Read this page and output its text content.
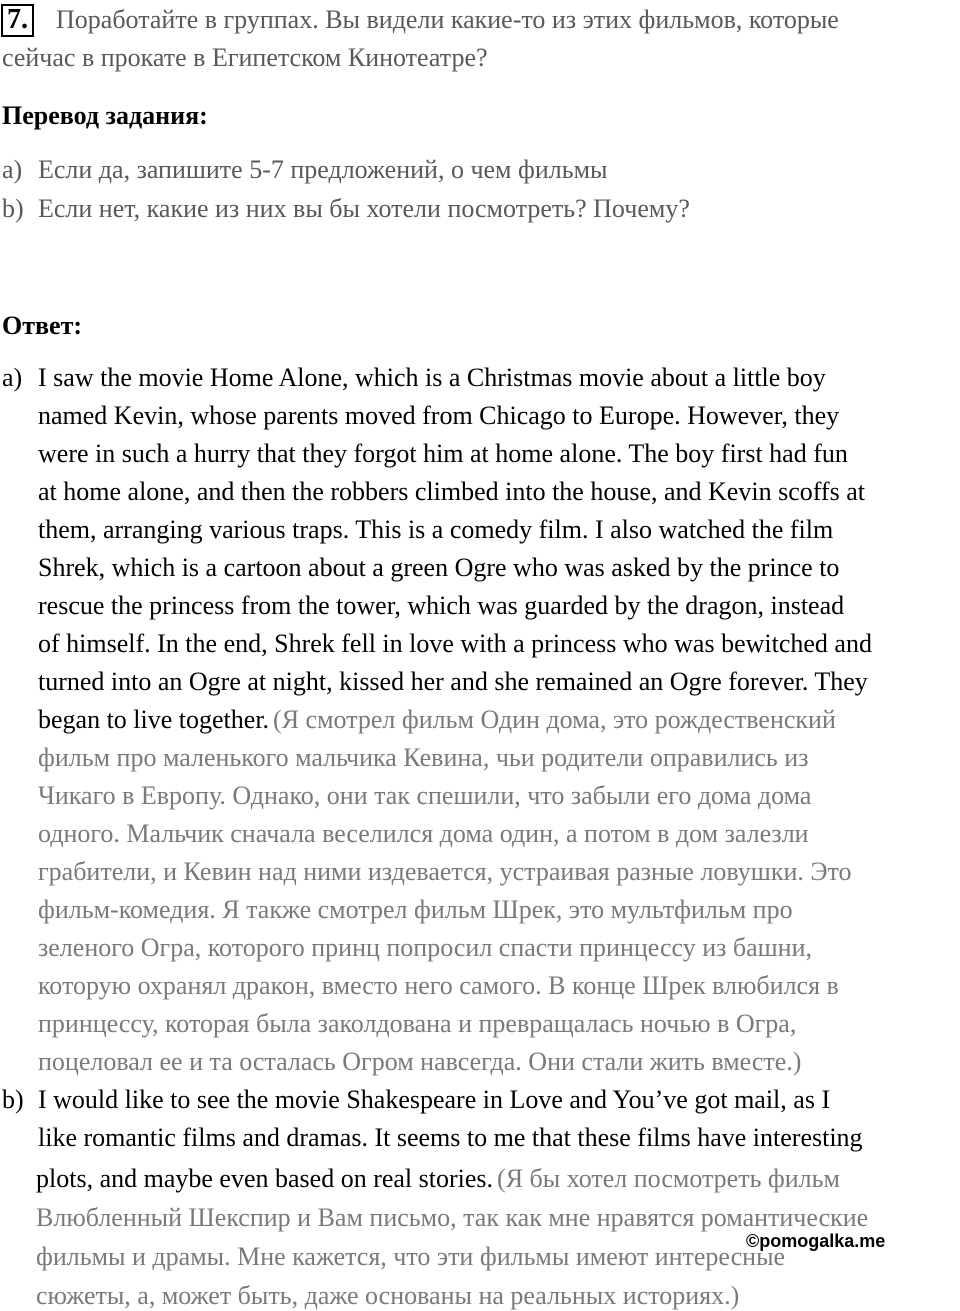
7. Поработайте в группах. Вы видели какие-то из этих фильмов, которые
сейчас в прокате в Египетском Кинотеатре?
Перевод задания:
a) Если да, запишите 5-7 предложений, о чем фильмы
b) Если нет, какие из них вы бы хотели посмотреть? Почему?
Ответ:
a) I saw the movie Home Alone, which is a Christmas movie about a little boy
named Kevin, whose parents moved from Chicago to Europe. However, they
were in such a hurry that they forgot him at home alone. The boy first had fun
at home alone, and then the robbers climbed into the house, and Kevin scoffs at
them, arranging various traps. This is a comedy film. I also watched the film
Shrek, which is a cartoon about a green Ogre who was asked by the prince to
rescue the princess from the tower, which was guarded by the dragon, instead
of himself. In the end, Shrek fell in love with a princess who was bewitched and
turned into an Ogre at night, kissed her and she remained an Ogre forever. They
began to live together. (Я смотрел фильм Один дома, это рождественский
фильм про маленького мальчика Кевина, чьи родители оправились из
Чикаго в Европу. Однако, они так спешили, что забыли его дома дома
одного. Мальчик сначала веселился дома один, а потом в дом залезли
грабители, и Кевин над ними издевается, устраивая разные ловушки. Это
фильм-комедия. Я также смотрел фильм Шрек, это мультфильм про
зеленого Огра, которого принц попросил спасти принцессу из башни,
которую охранял дракон, вместо него самого. В конце Шрек влюбился в
принцессу, которая была заколдована и превращалась ночью в Огра,
поцеловал ее и та осталась Огром навсегда. Они стали жить вместе.)
b) I would like to see the movie Shakespeare in Love and You’ve got mail, as I
like romantic films and dramas. It seems to me that these films have interesting
plots, and maybe even based on real stories. (Я бы хотел посмотреть фильм
Влюбленный Шекспир и Вам письмо, так как мне нравятся романтические
фильмы и драмы. Мне кажется, что эти фильмы имеют интересные
сюжеты, а, может быть, даже основаны на реальных историях.)
©pomogalka.me
